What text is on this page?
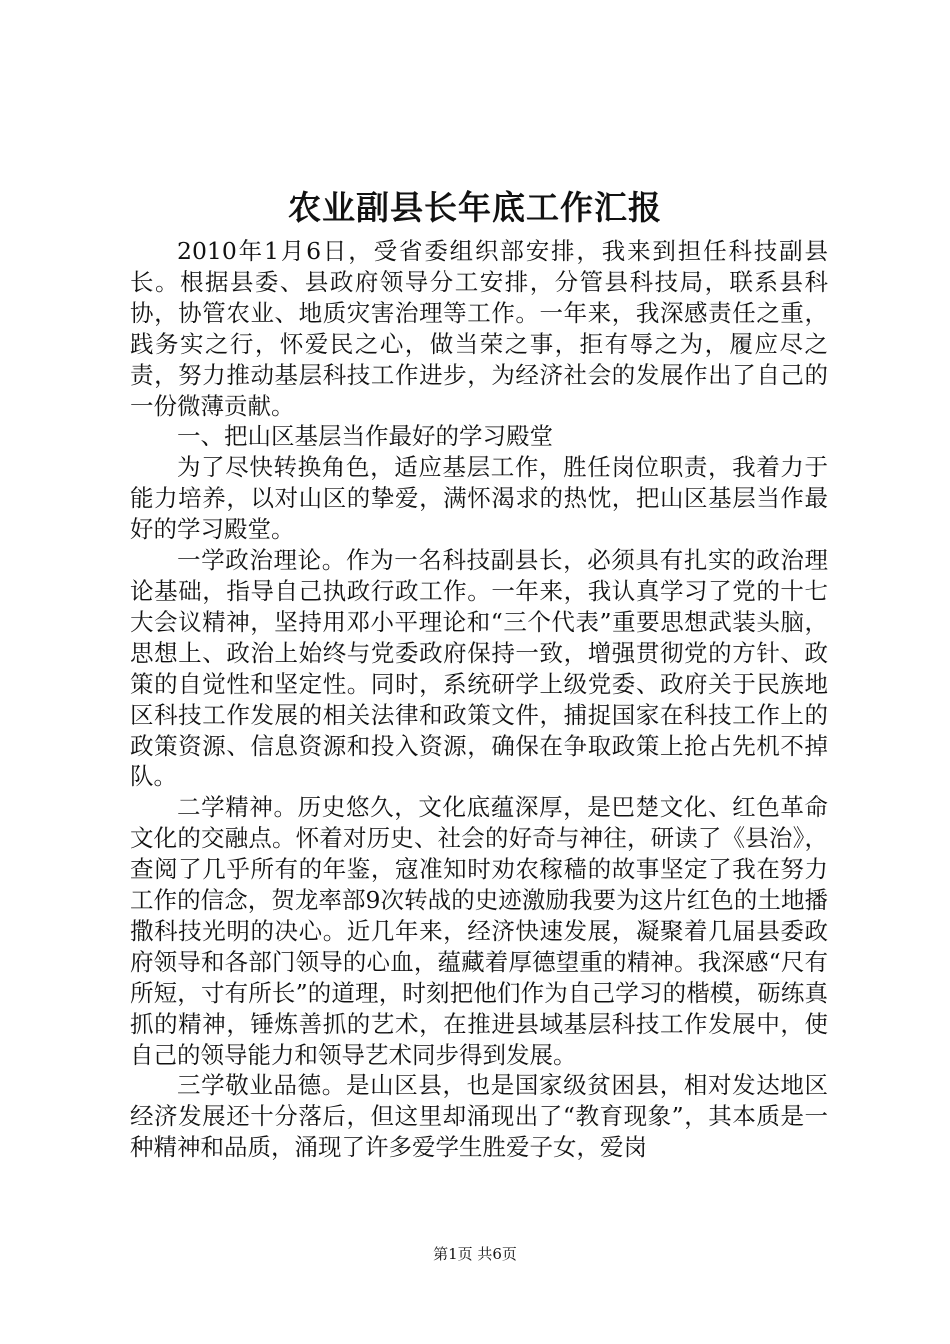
农业副县长年底工作汇报

2010年1月6日，受省委组织部安排，我来到担任科技副县长。根据县委、县政府领导分工安排，分管县科技局，联系县科协，协管农业、地质灾害治理等工作。一年来，我深感责任之重，践务实之行，怀爱民之心，做当荣之事，拒有辱之为，履应尽之责，努力推动基层科技工作进步，为经济社会的发展作出了自己的一份微薄贡献。

一、把山区基层当作最好的学习殿堂

为了尽快转换角色，适应基层工作，胜任岗位职责，我着力于能力培养，以对山区的挚爱，满怀渴求的热忱，把山区基层当作最好的学习殿堂。

一学政治理论。作为一名科技副县长，必须具有扎实的政治理论基础，指导自己执政行政工作。一年来，我认真学习了党的十七大会议精神，坚持用邓小平理论和“三个代表”重要思想武装头脑，思想上、政治上始终与党委政府保持一致，增强贯彻党的方针、政策的自觉性和坚定性。同时，系统研学上级党委、政府关于民族地区科技工作发展的相关法律和政策文件，捕捉国家在科技工作上的政策资源、信息资源和投入资源，确保在争取政策上抢占先机不掉队。

二学精神。历史悠久，文化底蕴深厚，是巴楚文化、红色革命文化的交融点。怀着对历史、社会的好奇与神往，研读了《县治》，查阅了几乎所有的年鉴，寇准知时劝农稼穑的故事坚定了我在努力工作的信念，贺龙率部9次转战的史迹激励我要为这片红色的土地播撒科技光明的决心。近几年来，经济快速发展，凝聚着几届县委政府领导和各部门领导的心血，蕴藏着厚德望重的精神。我深感“尺有所短，寸有所长”的道理，时刻把他们作为自己学习的楷模，砺练真抓的精神，锤炼善抓的艺术，在推进县域基层科技工作发展中，使自己的领导能力和领导艺术同步得到发展。

三学敬业品德。是山区县，也是国家级贫困县，相对发达地区经济发展还十分落后，但这里却涌现出了“教育现象”，其本质是一种精神和品质，涌现了许多爱学生胜爱子女，爱岗

第1页 共6页
